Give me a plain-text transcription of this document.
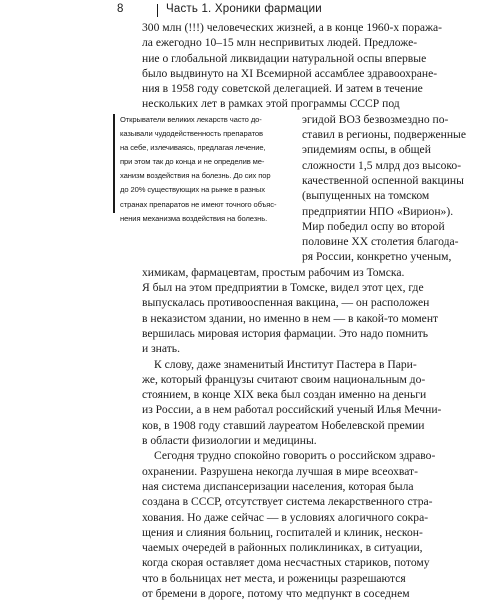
8	Часть 1. Хроники фармации
Открыватели великих лекарств часто до-
казывали чудодейственность препаратов
на себе, излечиваясь, предлагая лечение,
при этом так до конца и не определив ме-
ханизм воздействия на болезнь. До сих пор
до 20% существующих на рынке в разных
странах препаратов не имеют точного объяс-
нения механизма воздействия на болезнь.
300 млн (!!!) человеческих жизней, а в конце 1960-х поража-
ла ежегодно 10–15 млн неспривитых людей. Предложе-
ние о глобальной ликвидации натуральной оспы впервые
было выдвинуто на XI Всемирной ассамблее здравоохране-
ния в 1958 году советской делегацией. И затем в течение
нескольких лет в рамках этой программы СССР под
эгидой ВОЗ безвозмездно по-
ставил в регионы, подверженные
эпидемиям оспы, в общей
сложности 1,5 млрд доз высоко-
качественной оспенной вакцины
(выпущенных на томском
предприятии НПО «Вирион»).
Мир победил оспу во второй
половине XX столетия благода-
ря России, конкретно ученым,
химикам, фармацевтам, простым рабочим из Томска.
Я был на этом предприятии в Томске, видел этот цех, где
выпускалась противооспенная вакцина, — он расположен
в неказистом здании, но именно в нем — в какой-то момент
вершилась мировая история фармации. Это надо помнить
и знать.
К слову, даже знаменитый Институт Пастера в Пари-
же, который французы считают своим национальным до-
стоянием, в конце XIX века был создан именно на деньги
из России, а в нем работал российский ученый Илья Мечни-
ков, в 1908 году ставший лауреатом Нобелевской премии
в области физиологии и медицины.
Сегодня трудно спокойно говорить о российском здраво-
охранении. Разрушена некогда лучшая в мире всеохват-
ная система диспансеризации населения, которая была
создана в СССР, отсутствует система лекарственного стра-
хования. Но даже сейчас — в условиях алогичного сокра-
щения и слияния больниц, госпиталей и клиник, нескон-
чаемых очередей в районных поликлиниках, в ситуации,
когда скорая оставляет дома несчастных стариков, потому
что в больницах нет места, и роженицы разрешаются
от бремени в дороге, потому что медпункт в соседнем
